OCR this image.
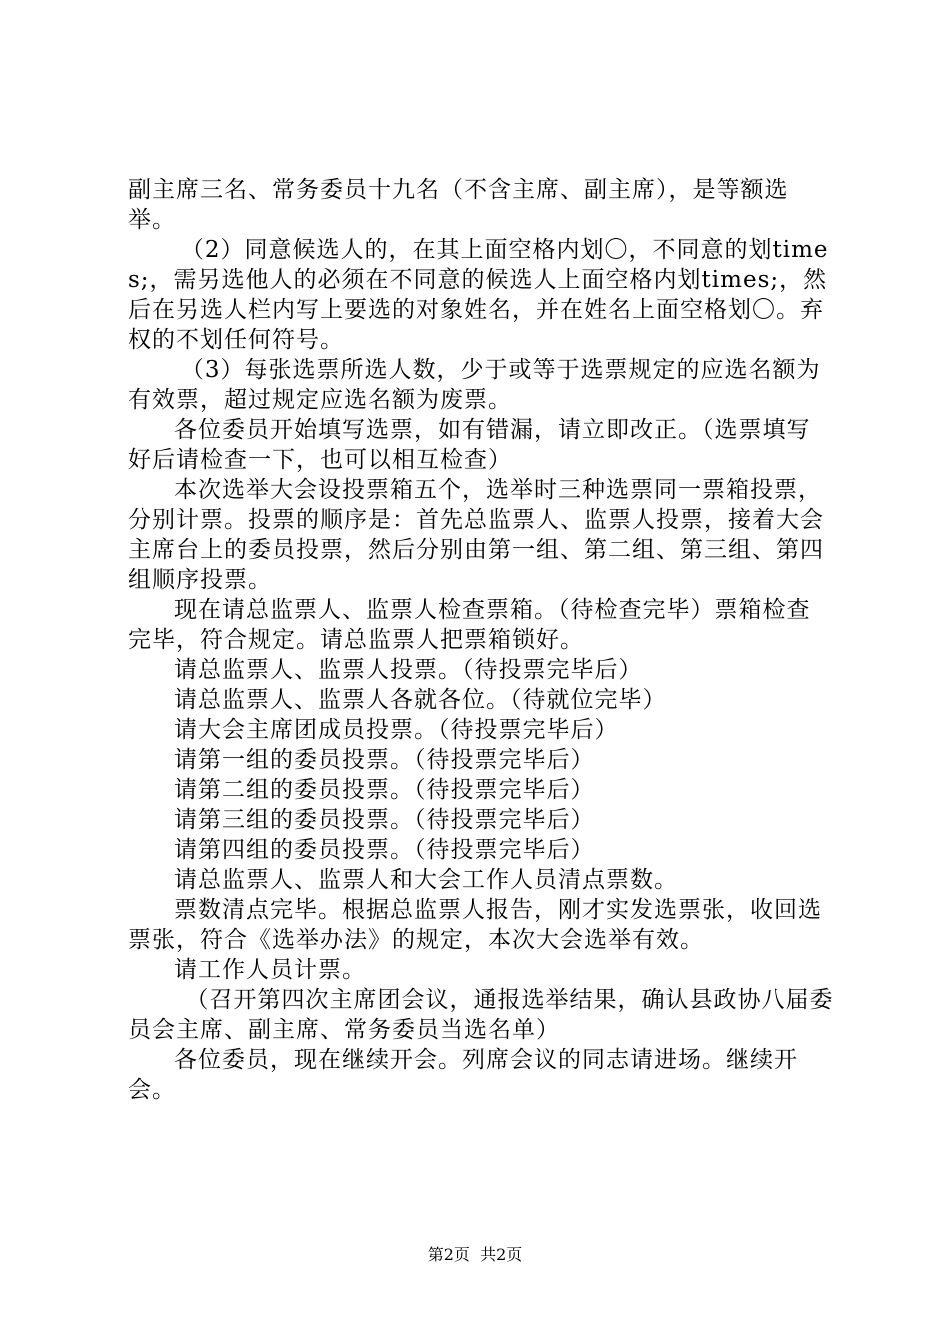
副主席三名、常务委员十九名（不含主席、副主席），是等额选举。

（2）同意候选人的，在其上面空格内划〇，不同意的划times;，需另选他人的必须在不同意的候选人上面空格内划times;，然后在另选人栏内写上要选的对象姓名，并在姓名上面空格划〇。弃权的不划任何符号。

（3）每张选票所选人数，少于或等于选票规定的应选名额为有效票，超过规定应选名额为废票。

各位委员开始填写选票，如有错漏，请立即改正。（选票填写好后请检查一下，也可以相互检查）

本次选举大会设投票箱五个，选举时三种选票同一票箱投票，分别计票。投票的顺序是：首先总监票人、监票人投票，接着大会主席台上的委员投票，然后分别由第一组、第二组、第三组、第四组顺序投票。

现在请总监票人、监票人检查票箱。（待检查完毕）票箱检查完毕，符合规定。请总监票人把票箱锁好。

请总监票人、监票人投票。（待投票完毕后）

请总监票人、监票人各就各位。（待就位完毕）

请大会主席团成员投票。（待投票完毕后）

请第一组的委员投票。（待投票完毕后）

请第二组的委员投票。（待投票完毕后）

请第三组的委员投票。（待投票完毕后）

请第四组的委员投票。（待投票完毕后）

请总监票人、监票人和大会工作人员清点票数。

票数清点完毕。根据总监票人报告，刚才实发选票张，收回选票张，符合《选举办法》的规定，本次大会选举有效。

请工作人员计票。

（召开第四次主席团会议，通报选举结果，确认县政协八届委员会主席、副主席、常务委员当选名单）

各位委员，现在继续开会。列席会议的同志请进场。继续开会。

第2页  共2页
